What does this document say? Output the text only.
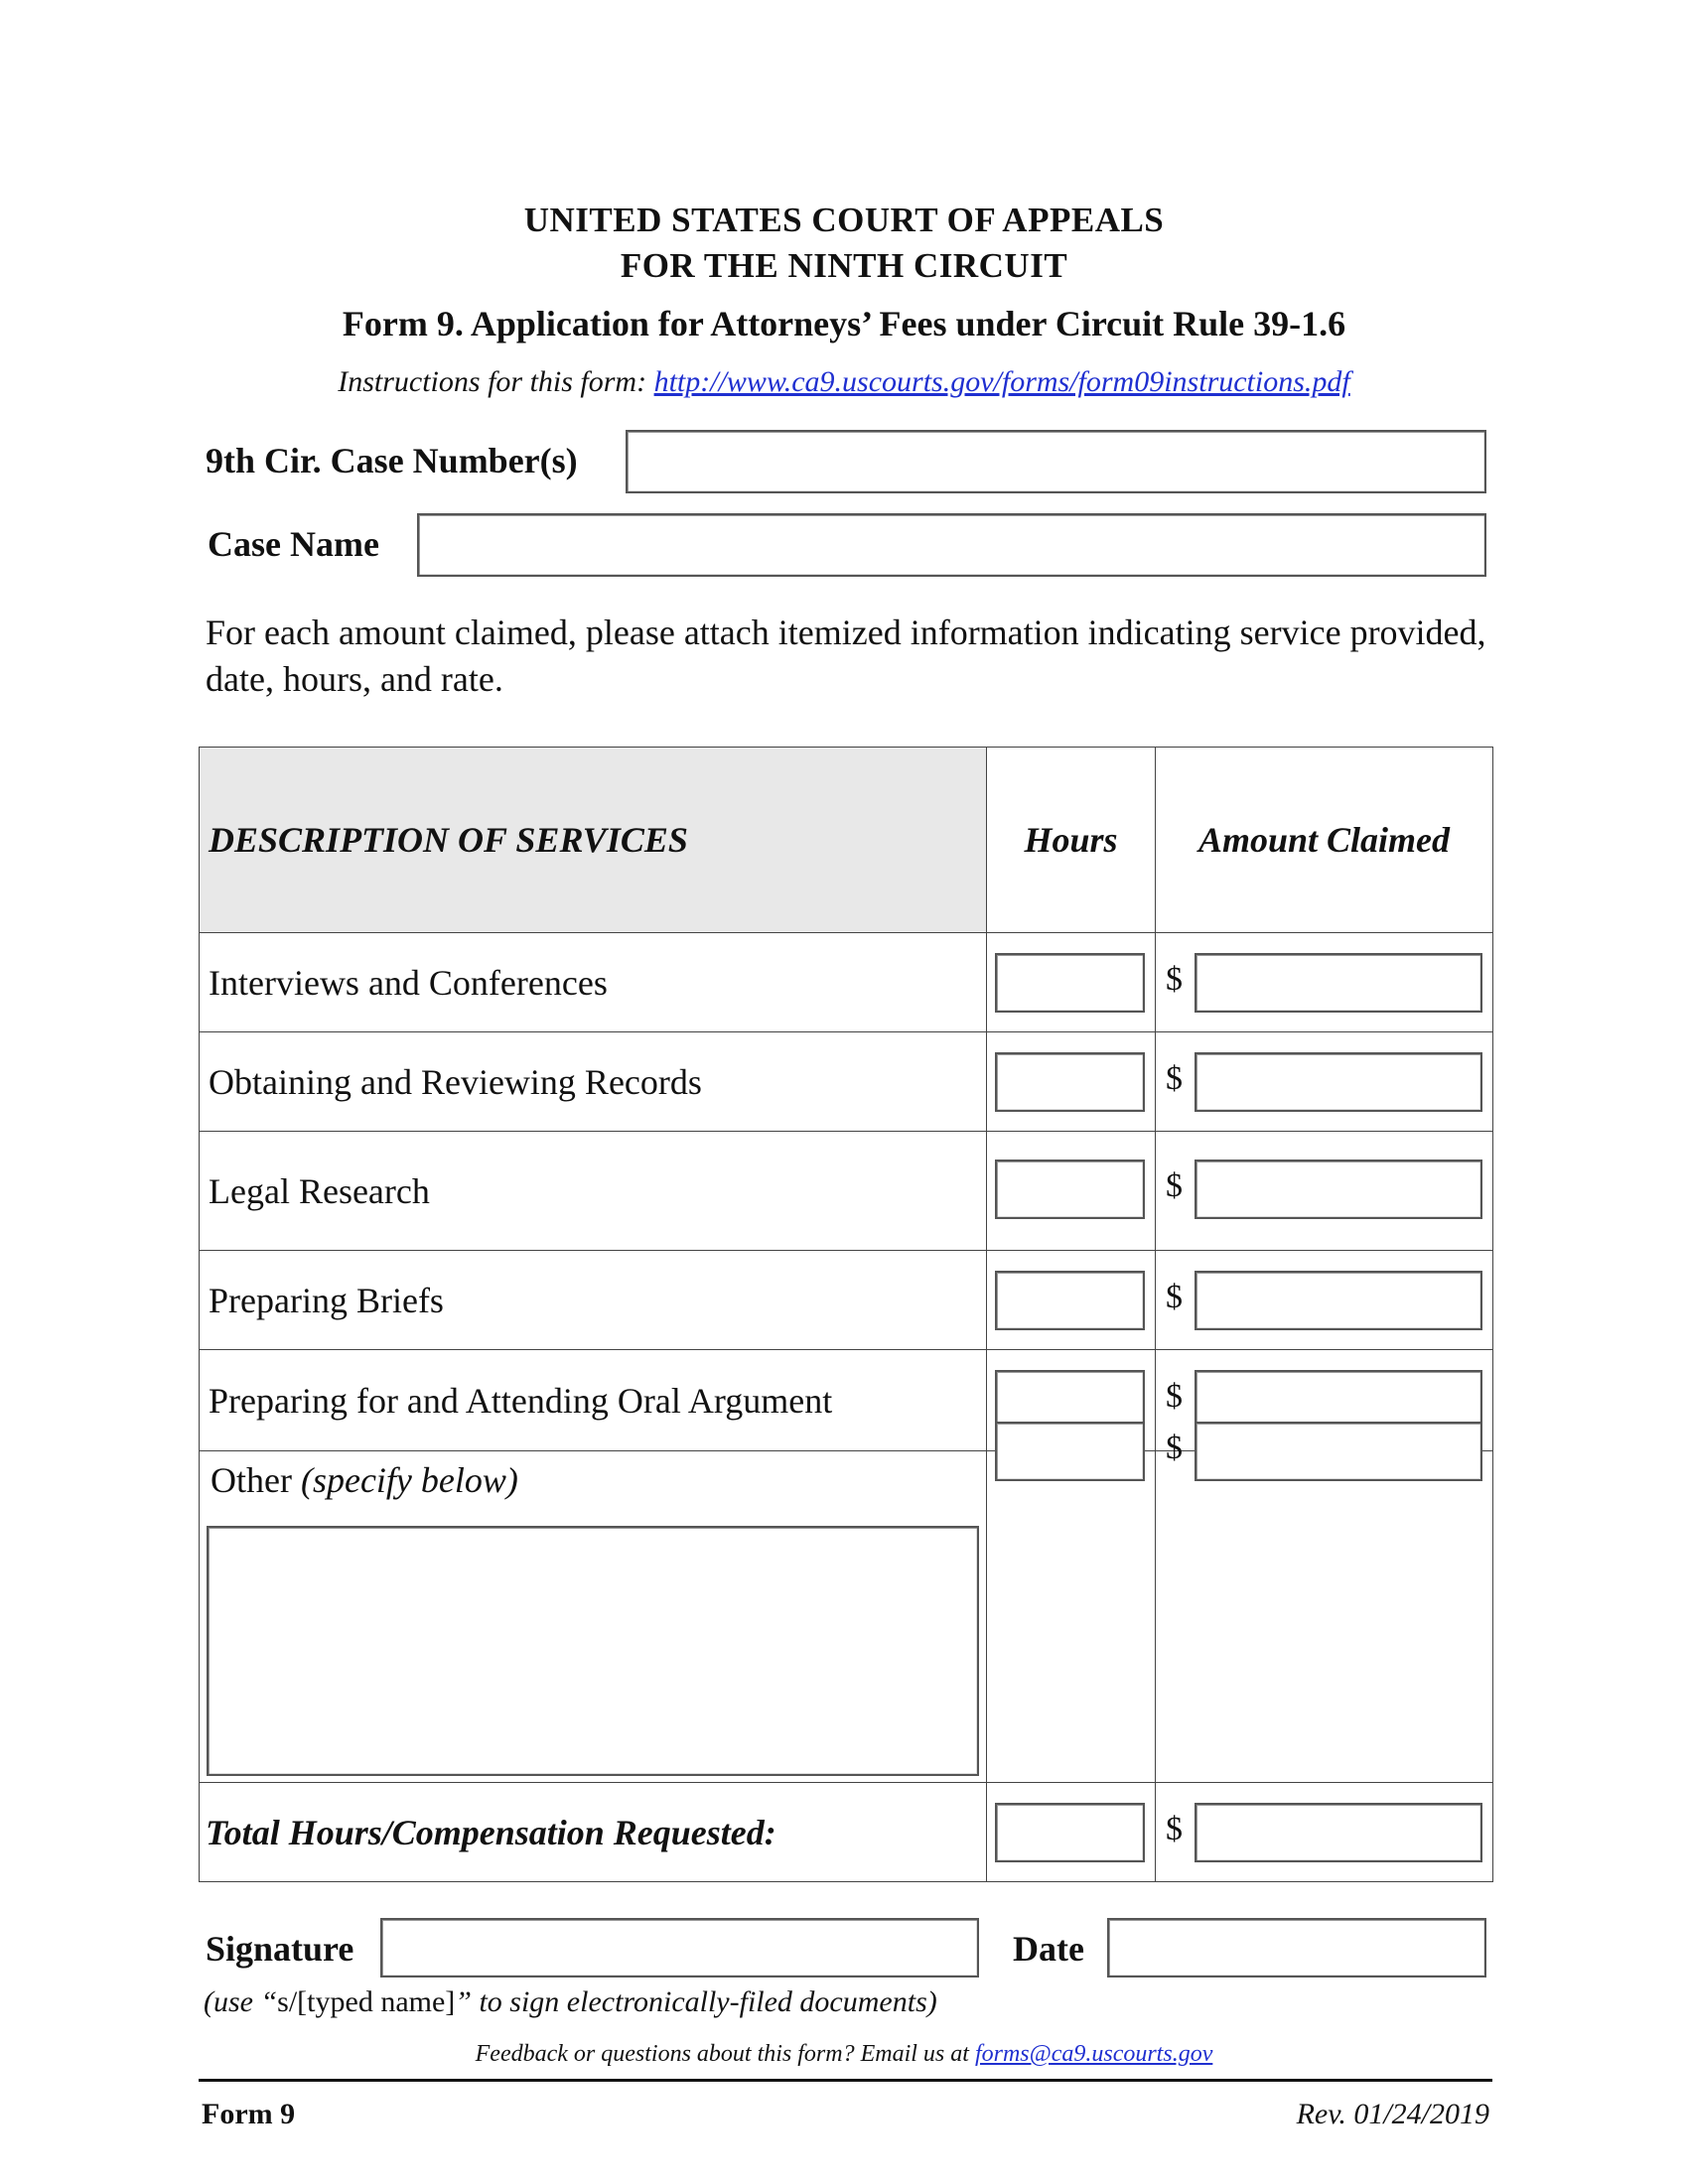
UNITED STATES COURT OF APPEALS
FOR THE NINTH CIRCUIT
Form 9. Application for Attorneys’ Fees under Circuit Rule 39-1.6
Instructions for this form: http://www.ca9.uscourts.gov/forms/form09instructions.pdf
9th Cir. Case Number(s)
Case Name
For each amount claimed, please attach itemized information indicating service provided, date, hours, and rate.
DESCRIPTION OF SERVICES	Hours	Amount Claimed
Interviews and Conferences		$

Obtaining and Reviewing Records		$

Legal Research		$

Preparing Briefs		$

Preparing for and Attending Oral Argument		$

Other (specify below)		$

Total Hours/Compensation Requested:		$
Signature	Date
(use “s/[typed name]” to sign electronically-filed documents)
Feedback or questions about this form? Email us at forms@ca9.uscourts.gov
Form 9	Rev. 01/24/2019
